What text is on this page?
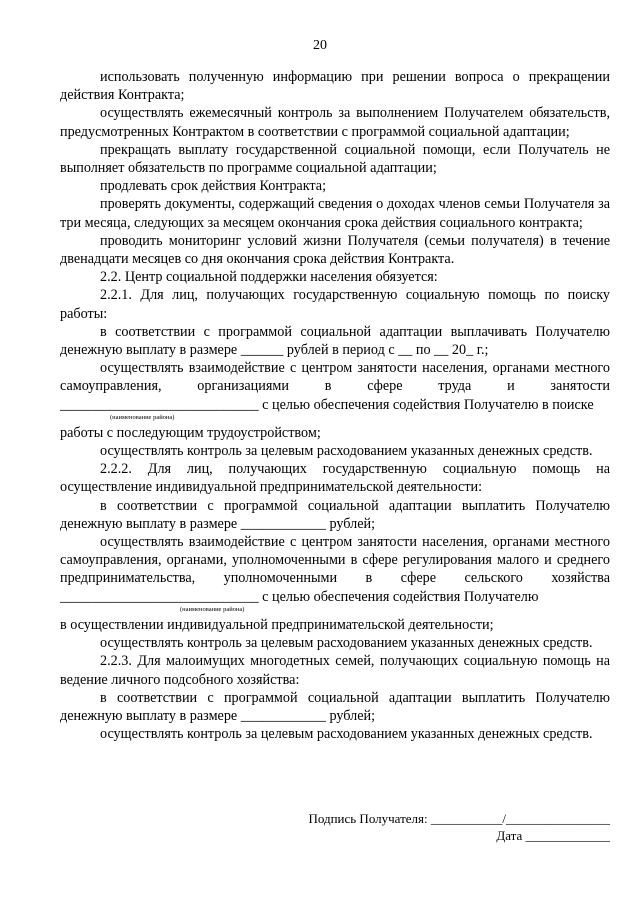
20

использовать полученную информацию при решении вопроса о прекращении действия Контракта;

осуществлять ежемесячный контроль за выполнением Получателем обязательств, предусмотренных Контрактом в соответствии с программой социальной адаптации;

прекращать выплату государственной социальной помощи, если Получатель не выполняет обязательств по программе социальной адаптации;

продлевать срок действия Контракта;

проверять документы, содержащий сведения о доходах членов семьи Получателя за три месяца, следующих за месяцем окончания срока действия социального контракта;

проводить мониторинг условий жизни Получателя (семьи получателя) в течение двенадцати месяцев со дня окончания срока действия Контракта.

2.2. Центр социальной поддержки населения обязуется:

2.2.1. Для лиц, получающих государственную социальную помощь по поиску работы:

в соответствии с программой социальной адаптации выплачивать Получателю денежную выплату в размере ______ рублей в период с __ по __ 20_ г.;

осуществлять взаимодействие с центром занятости населения, органами местного самоуправления, организациями в сфере труда и занятости ____________________________ с целью обеспечения содействия Получателю в поиске

(наименование района)

работы с последующим трудоустройством;

осуществлять контроль за целевым расходованием указанных денежных средств.

2.2.2. Для лиц, получающих государственную социальную помощь на осуществление индивидуальной предпринимательской деятельности:

в соответствии с программой социальной адаптации выплатить Получателю денежную выплату в размере ____________ рублей;

осуществлять взаимодействие с центром занятости населения, органами местного самоуправления, органами, уполномоченными в сфере регулирования малого и среднего предпринимательства, уполномоченными в сфере сельского хозяйства ____________________________ с целью обеспечения содействия Получателю

(наименование района)

в осуществлении индивидуальной предпринимательской деятельности;

осуществлять контроль за целевым расходованием указанных денежных средств.

2.2.3. Для малоимущих многодетных семей, получающих социальную помощь на ведение личного подсобного хозяйства:

в соответствии с программой социальной адаптации выплатить Получателю денежную выплату в размере ____________ рублей;

осуществлять контроль за целевым расходованием указанных денежных средств.

Подпись Получателя: ___________/________________
Дата _____________
